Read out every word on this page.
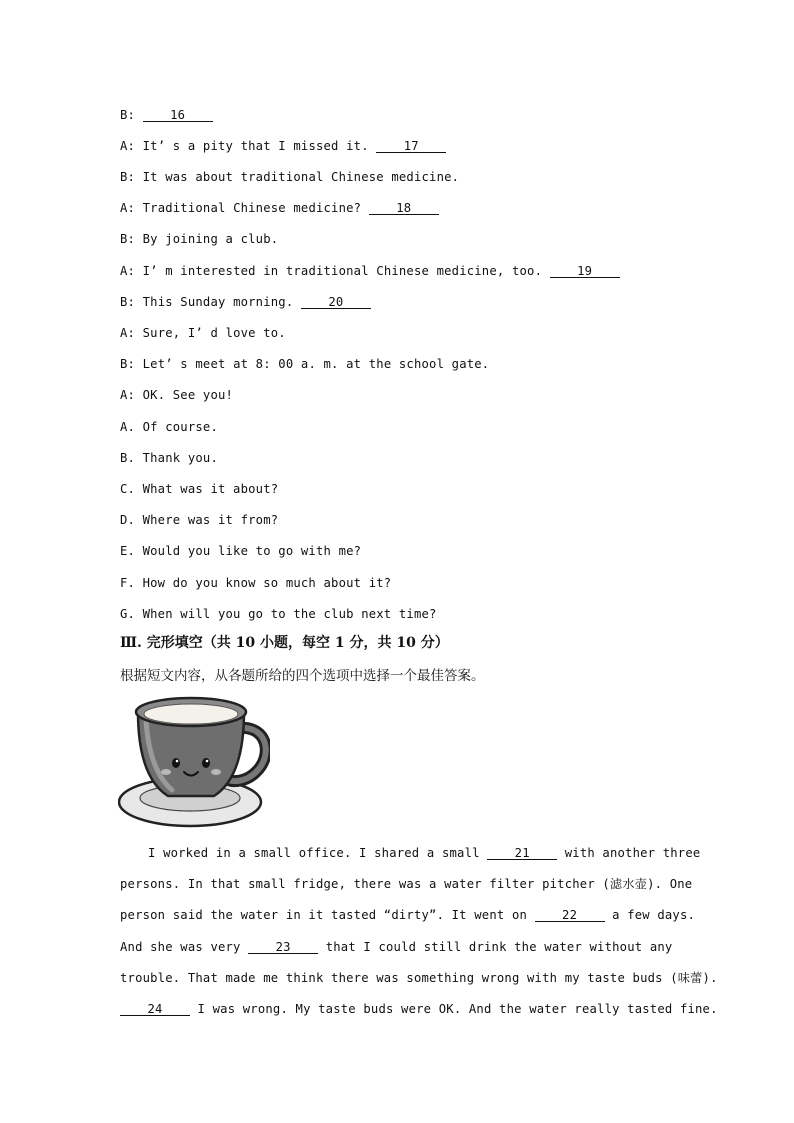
B:	16
A: It’ s a pity that I missed it.	17
B: It was about traditional Chinese medicine.
A: Traditional Chinese medicine?	18
B: By joining a club.
A: I’ m interested in traditional Chinese medicine, too.	19
B: This Sunday morning.	20
A: Sure, I’ d love to.
B: Let’ s meet at 8: 00 a. m. at the school gate.
A: OK. See you!
A. Of course.
B. Thank you.
C. What was it about?
D. Where was it from?
E. Would you like to go with me?
F. How do you know so much about it?
G. When will you go to the club next time?
Ⅲ. 完形填空（共 10 小题，每空 1 分，共 10 分）
根据短文内容，从各题所给的四个选项中选择一个最佳答案。
I worked in a small office. I shared a small	21	with another three
persons. In that small fridge, there was a water filter pitcher (滤水壶). One
person said the water in it tasted “dirty”. It went on	22	a few days.
And she was very	23	that I could still drink the water without any
trouble. That made me think there was something wrong with my taste buds (味蕾).
24	I was wrong. My taste buds were OK. And the water really tasted fine.
